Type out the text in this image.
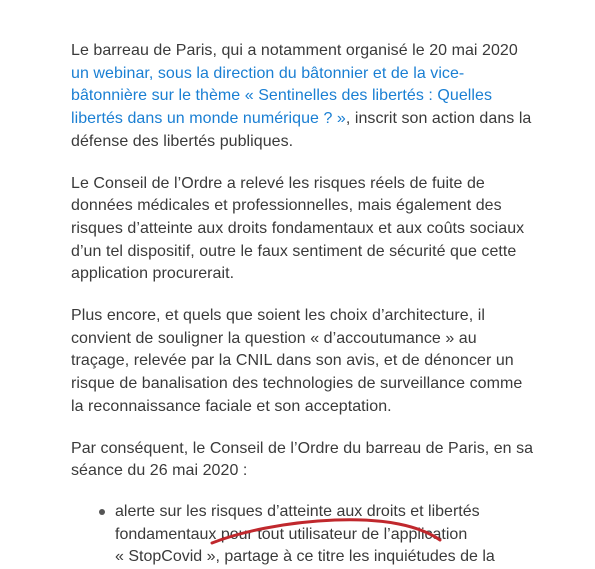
Le barreau de Paris, qui a notamment organisé le 20 mai 2020
un webinar, sous la direction du bâtonnier et de la vice-
bâtonnière sur le thème « Sentinelles des libertés : Quelles
libertés dans un monde numérique ? », inscrit son action dans la
défense des libertés publiques.

Le Conseil de l’Ordre a relevé les risques réels de fuite de
données médicales et professionnelles, mais également des
risques d’atteinte aux droits fondamentaux et aux coûts sociaux
d’un tel dispositif, outre le faux sentiment de sécurité que cette
application procurerait.

Plus encore, et quels que soient les choix d’architecture, il
convient de souligner la question « d’accoutumance » au
traçage, relevée par la CNIL dans son avis, et de dénoncer un
risque de banalisation des technologies de surveillance comme
la reconnaissance faciale et son acceptation.

Par conséquent, le Conseil de l’Ordre du barreau de Paris, en sa
séance du 26 mai 2020 :

alerte sur les risques d’atteinte aux droits et libertés
fondamentaux pour tout utilisateur de l’application
« StopCovid », partage à ce titre les inquiétudes de la
